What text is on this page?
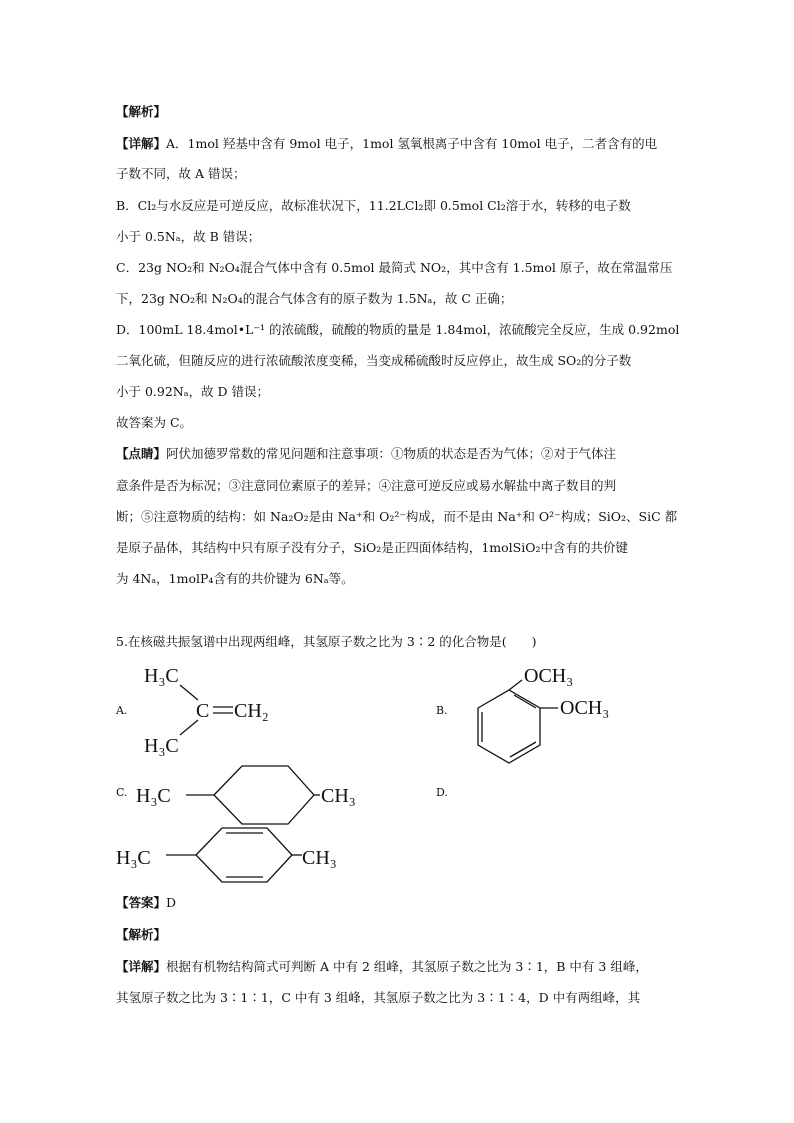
【解析】
【详解】A．1mol 羟基中含有 9mol 电子，1mol 氢氧根离子中含有 10mol 电子，二者含有的电
子数不同，故 A 错误；
B．Cl₂与水反应是可逆反应，故标准状况下，11.2LCl₂即 0.5mol Cl₂溶于水，转移的电子数
小于 0.5Nₐ，故 B 错误；
C．23g NO₂和 N₂O₄混合气体中含有 0.5mol 最简式 NO₂，其中含有 1.5mol 原子，故在常温常压
下，23g NO₂和 N₂O₄的混合气体含有的原子数为 1.5Nₐ，故 C 正确；
D．100mL 18.4mol•L⁻¹ 的浓硫酸，硫酸的物质的量是 1.84mol，浓硫酸完全反应，生成 0.92mol
二氧化硫，但随反应的进行浓硫酸浓度变稀，当变成稀硫酸时反应停止，故生成 SO₂的分子数
小于 0.92Nₐ，故 D 错误；
故答案为 C。
【点睛】阿伏加德罗常数的常见问题和注意事项：①物质的状态是否为气体；②对于气体注
意条件是否为标况；③注意同位素原子的差异；④注意可逆反应或易水解盐中离子数目的判
断；⑤注意物质的结构：如 Na₂O₂是由 Na⁺和 O₂²⁻构成，而不是由 Na⁺和 O²⁻构成；SiO₂、SiC 都
是原子晶体，其结构中只有原子没有分子，SiO₂是正四面体结构，1molSiO₂中含有的共价键
为 4Nₐ，1molP₄含有的共价键为 6Nₐ等。
5.在核磁共振氢谱中出现两组峰，其氢原子数之比为 3∶2 的化合物是(　　)
A.	B.
C.	D.
H₃C
C
H₃C
CH₂
OCH₃
OCH₃
H₃C	CH₃
H₃C	CH₃
【答案】D
【解析】
【详解】根据有机物结构简式可判断 A 中有 2 组峰，其氢原子数之比为 3∶1，B 中有 3 组峰，
其氢原子数之比为 3∶1∶1，C 中有 3 组峰，其氢原子数之比为 3∶1∶4，D 中有两组峰，其
